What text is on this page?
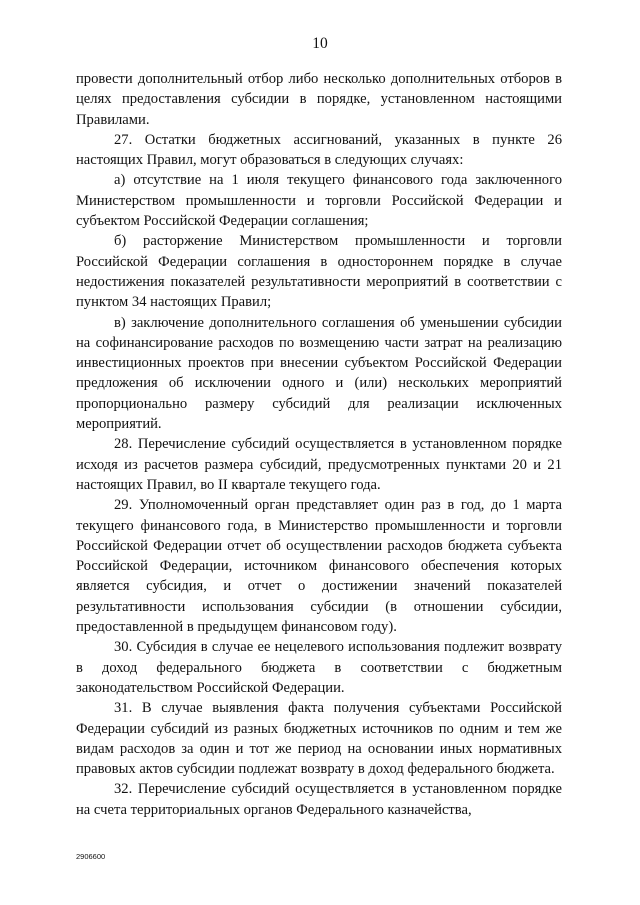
10

провести дополнительный отбор либо несколько дополнительных отборов в целях предоставления субсидии в порядке, установленном настоящими Правилами.

27. Остатки бюджетных ассигнований, указанных в пункте 26 настоящих Правил, могут образоваться в следующих случаях:

а) отсутствие на 1 июля текущего финансового года заключенного Министерством промышленности и торговли Российской Федерации и субъектом Российской Федерации соглашения;

б) расторжение Министерством промышленности и торговли Российской Федерации соглашения в одностороннем порядке в случае недостижения показателей результативности мероприятий в соответствии с пунктом 34 настоящих Правил;

в) заключение дополнительного соглашения об уменьшении субсидии на софинансирование расходов по возмещению части затрат на реализацию инвестиционных проектов при внесении субъектом Российской Федерации предложения об исключении одного и (или) нескольких мероприятий пропорционально размеру субсидий для реализации исключенных мероприятий.

28. Перечисление субсидий осуществляется в установленном порядке исходя из расчетов размера субсидий, предусмотренных пунктами 20 и 21 настоящих Правил, во II квартале текущего года.

29. Уполномоченный орган представляет один раз в год, до 1 марта текущего финансового года, в Министерство промышленности и торговли Российской Федерации отчет об осуществлении расходов бюджета субъекта Российской Федерации, источником финансового обеспечения которых является субсидия, и отчет о достижении значений показателей результативности использования субсидии (в отношении субсидии, предоставленной в предыдущем финансовом году).

30. Субсидия в случае ее нецелевого использования подлежит возврату в доход федерального бюджета в соответствии с бюджетным законодательством Российской Федерации.

31. В случае выявления факта получения субъектами Российской Федерации субсидий из разных бюджетных источников по одним и тем же видам расходов за один и тот же период на основании иных нормативных правовых актов субсидии подлежат возврату в доход федерального бюджета.

32. Перечисление субсидий осуществляется в установленном порядке на счета территориальных органов Федерального казначейства,

2906600
